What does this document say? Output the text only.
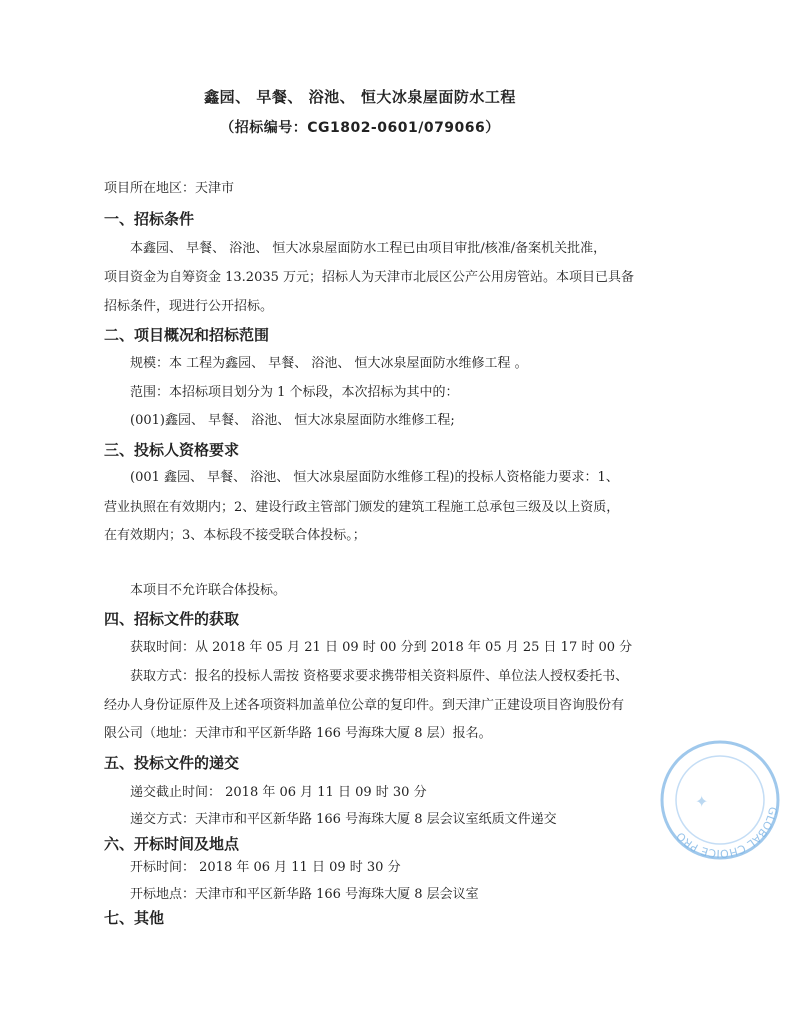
鑫园、 早餐、 浴池、 恒大冰泉屋面防水工程
（招标编号：CG1802-0601/079066）
项目所在地区：天津市
一、招标条件
本鑫园、 早餐、 浴池、 恒大冰泉屋面防水工程已由项目审批/核准/备案机关批准，
项目资金为自筹资金 13.2035 万元；招标人为天津市北辰区公产公用房管站。本项目已具备
招标条件，现进行公开招标。
二、项目概况和招标范围
规模：本 工程为鑫园、 早餐、 浴池、 恒大冰泉屋面防水维修工程 。
范围：本招标项目划分为 1 个标段，本次招标为其中的：
(001)鑫园、 早餐、 浴池、 恒大冰泉屋面防水维修工程;
三、投标人资格要求
(001 鑫园、 早餐、 浴池、 恒大冰泉屋面防水维修工程)的投标人资格能力要求：1、
营业执照在有效期内；2、建设行政主管部门颁发的建筑工程施工总承包三级及以上资质，
在有效期内；3、本标段不接受联合体投标。；
本项目不允许联合体投标。
四、招标文件的获取
获取时间：从 2018 年 05 月 21 日 09 时 00 分到 2018 年 05 月 25 日 17 时 00 分
获取方式：报名的投标人需按 资格要求要求携带相关资料原件、单位法人授权委托书、
经办人身份证原件及上述各项资料加盖单位公章的复印件。到天津广正建设项目咨询股份有
限公司（地址：天津市和平区新华路 166 号海珠大厦 8 层）报名。
五、投标文件的递交
递交截止时间： 2018 年 06 月 11 日 09 时 30 分
递交方式：天津市和平区新华路 166 号海珠大厦 8 层会议室纸质文件递交
六、开标时间及地点
开标时间： 2018 年 06 月 11 日 09 时 30 分
开标地点：天津市和平区新华路 166 号海珠大厦 8 层会议室
七、其他
GLOBAL CHOICE PRO
✦
